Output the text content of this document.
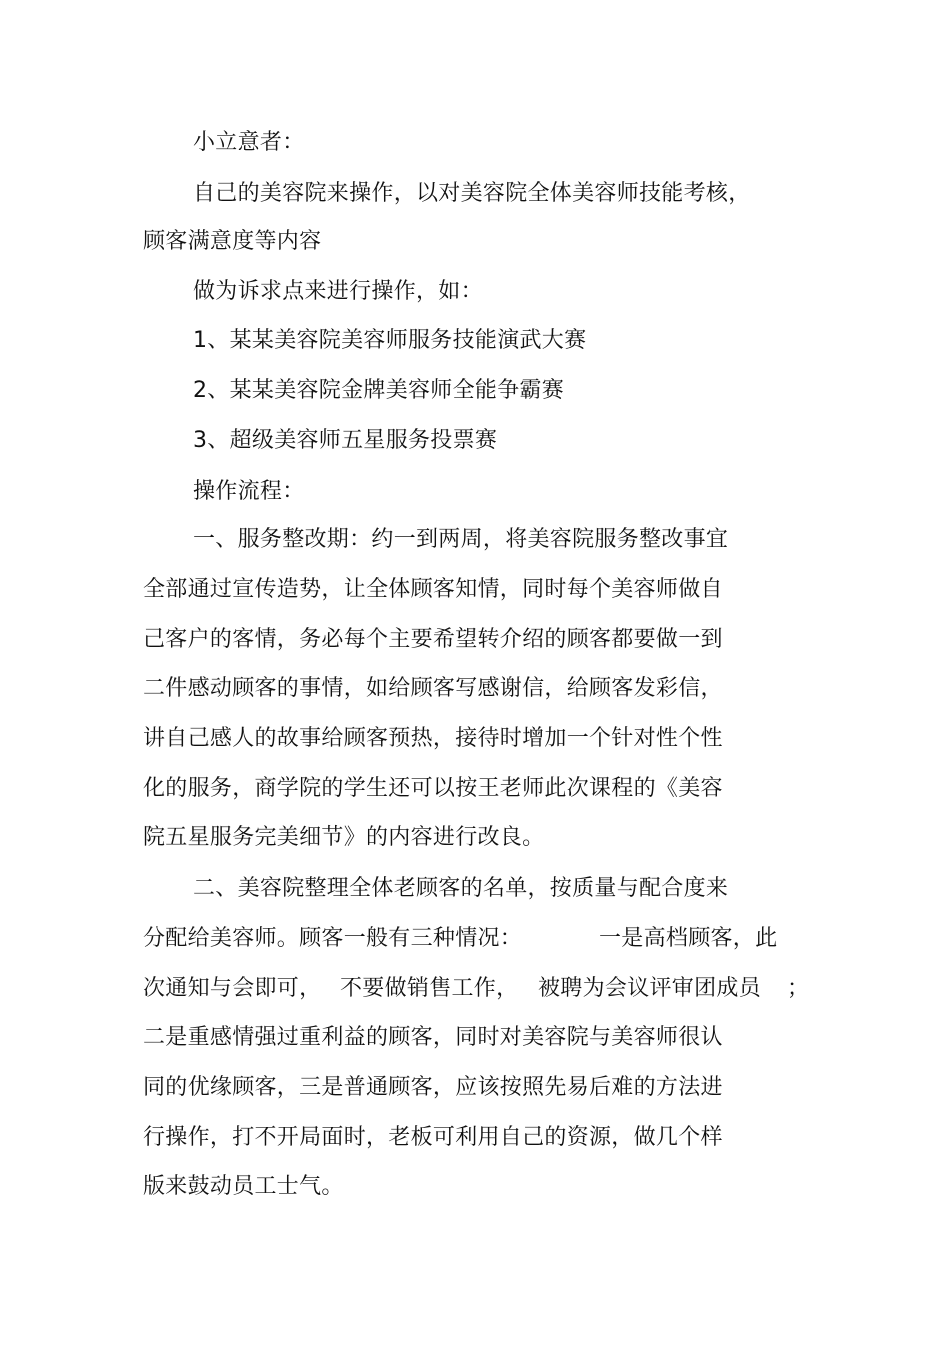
小立意者：
自己的美容院来操作，以对美容院全体美容师技能考核，
顾客满意度等内容
做为诉求点来进行操作，如：
1、某某美容院美容师服务技能演武大赛
2、某某美容院金牌美容师全能争霸赛
3、超级美容师五星服务投票赛
操作流程：
一、服务整改期：约一到两周，将美容院服务整改事宜
全部通过宣传造势，让全体顾客知情，同时每个美容师做自
己客户的客情，务必每个主要希望转介绍的顾客都要做一到
二件感动顾客的事情，如给顾客写感谢信，给顾客发彩信，
讲自己感人的故事给顾客预热，接待时增加一个针对性个性
化的服务，商学院的学生还可以按王老师此次课程的《美容
院五星服务完美细节》的内容进行改良。
二、美容院整理全体老顾客的名单，按质量与配合度来
分配给美容师。顾客一般有三种情况：	一是高档顾客，此
次通知与会即可， 不要做销售工作， 被聘为会议评审团成员 ；
二是重感情强过重利益的顾客，同时对美容院与美容师很认
同的优缘顾客，三是普通顾客，应该按照先易后难的方法进
行操作，打不开局面时，老板可利用自己的资源，做几个样
版来鼓动员工士气。
